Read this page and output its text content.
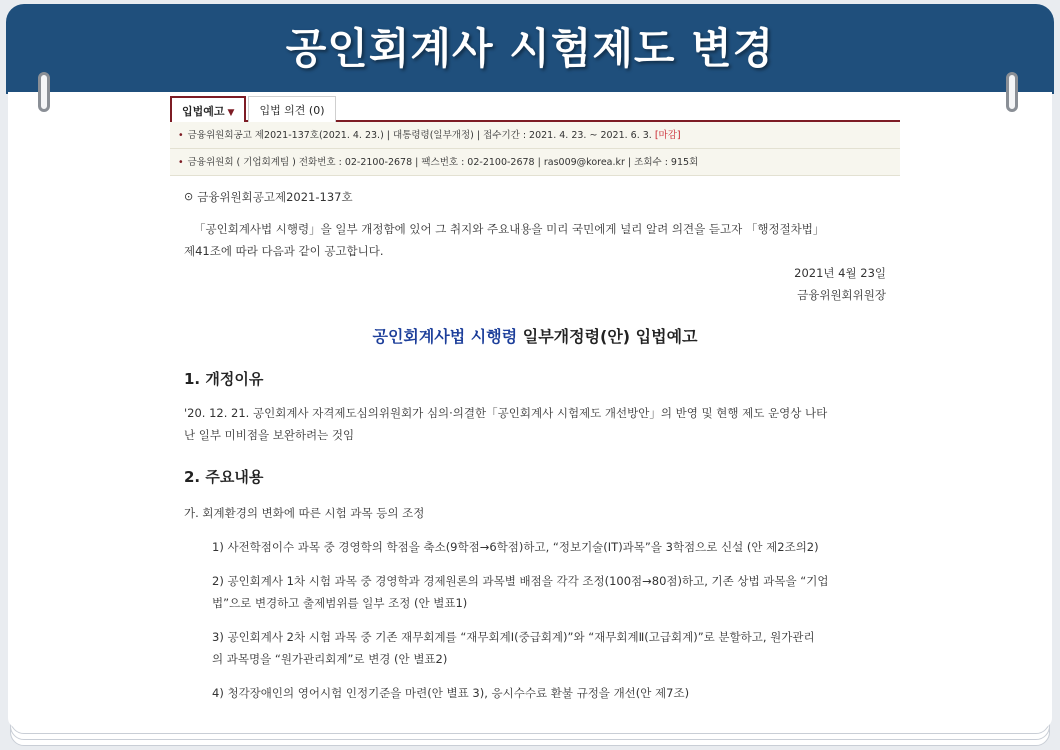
공인회계사 시험제도 변경
입법예고 ▼	입법 의견 (0)
• 금융위원회공고 제2021-137호(2021. 4. 23.) | 대통령령(일부개정) | 접수기간 : 2021. 4. 23. ~ 2021. 6. 3. [마감]
• 금융위원회 ( 기업회계팀 ) 전화번호 : 02-2100-2678 | 팩스번호 : 02-2100-2678 | ras009@korea.kr | 조회수 : 915회
⊙ 금융위원회공고제2021-137호
「공인회계사법 시행령」을 일부 개정함에 있어 그 취지와 주요내용을 미리 국민에게 널리 알려 의견을 듣고자 「행정절차법」
제41조에 따라 다음과 같이 공고합니다.
2021년 4월 23일
금융위원회위원장
공인회계사법 시행령 일부개정령(안) 입법예고
1. 개정이유
'20. 12. 21. 공인회계사 자격제도심의위원회가 심의·의결한「공인회계사 시험제도 개선방안」의 반영 및 현행 제도 운영상 나타
난 일부 미비점을 보완하려는 것임
2. 주요내용
가. 회계환경의 변화에 따른 시험 과목 등의 조정
1) 사전학점이수 과목 중 경영학의 학점을 축소(9학점→6학점)하고, “정보기술(IT)과목”을 3학점으로 신설 (안 제2조의2)
2) 공인회계사 1차 시험 과목 중 경영학과 경제원론의 과목별 배점을 각각 조정(100점→80점)하고, 기존 상법 과목을 “기업
법”으로 변경하고 출제범위를 일부 조정 (안 별표1)
3) 공인회계사 2차 시험 과목 중 기존 재무회계를 “재무회계Ⅰ(중급회계)”와 “재무회계Ⅱ(고급회계)”로 분할하고, 원가관리
의 과목명을 “원가관리회계”로 변경 (안 별표2)
4) 청각장애인의 영어시험 인정기준을 마련(안 별표 3), 응시수수료 환불 규정을 개선(안 제7조)
